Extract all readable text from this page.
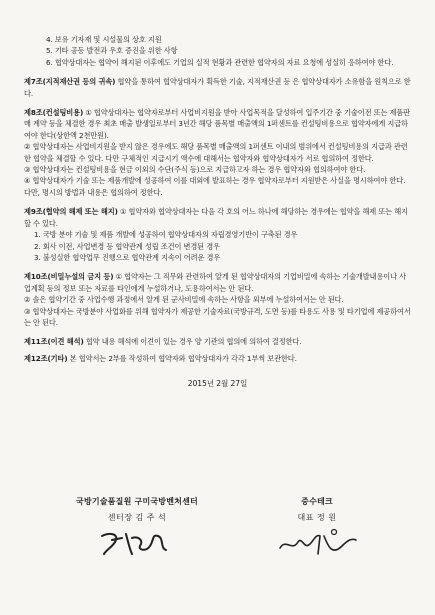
4. 보유 기자재 및 시설물의 상호 지원
5. 기타 공동 발전과 우호 증진을 위한 사항
6. 협약상대자는 협약이 해지된 이후에도 기업의 실적 현황과 관련한 협약자의 자료 요청에 성실히 응하여야 한다.
제7조(지적재산권 등의 귀속) 협약을 통하여 협약상대자가 획득한 기술, 지적재산권 등 은 협약상대자가 소유함을 원칙으로 한다.
제8조(컨설팅비용) ① 협약상대자는 협약자로부터 사업비지원을 받아 사업목적을 달성하여 입주기간 중 기술이전 또는 제품판매 계약 등을 체결한 경우 최초 매출 발생일로부터 3년간 해당 품목별 매출액의 1퍼센트를 컨설팅비용으로 협약자에게 지급하여야 한다(상한액 2천만원).
② 협약상대자는 사업비지원을 받지 않은 경우에도 해당 품목별 매출액의 1퍼센트 이내의 범위에서 컨설팅비용의 지급과 관련한 협약을 체결할 수 있다. 다만 구체적인 지급시기 액수에 대해서는 협약자와 협약상대자가 서로 협의하여 정한다.
③ 협약상대자는 컨설팅비용을 현금 이외의 수단(주식 등)으로 지급하고자 하는 경우 협약자와 협의하여야 한다.
④ 협약상대자가 기술 또는 제품개발에 성공하여 이를 대외에 발표하는 경우 협약자로부터 지원받은 사실을 명시하여야 한다. 다만, 명시의 방법과 내용은 협의하여 정한다.
제9조(협약의 해제 또는 해지) ① 협약자와 협약상대자는 다음 각 호의 어느 하나에 해당하는 경우에는 협약을 해제 또는 해지할 수 있다.
1. 국방 분야 기술 및 제품 개발에 성공하여 협약상대자의 자립경영기반이 구축된 경우
2. 회사 이전, 사업변경 등 협약관계 성립 조건이 변경된 경우
3. 불성실한 협약업무 진행으로 협약관계 지속이 어려운 경우
제10조(비밀누설의 금지 등) ① 협약자는 그 직무와 관련하여 알게 된 협약상대자의 기업비밀에 속하는 기술개발내용이나 사업계획 등의 정보 또는 자료를 타인에게 누설하거나, 도용하여서는 안 된다.
② 솔은 협약기간 중 사업수행 과정에서 알게 된 군사비밀에 속하는 사항을 외부에 누설하여서는 안 된다.
③ 협약상대자는 국방분야 사업화를 위해 협약자가 제공한 기술자료(국방규격, 도면 등)를 타용도 사용 및 타기업에 제공하여서는 안 된다.
제11조(이견 해석) 협약 내용 해석에 이견이 있는 경우 양 기관의 협의에 의하여 결정한다.
제12조(기타) 본 협약서는 2부를 작성하여 협약자와 협약상대자가 각각 1부씩 보관한다.
2015년 2월 27일
국방기술품질원 구미국방벤처센터
센터장 김 주 석
중수테크
대표 정 원
